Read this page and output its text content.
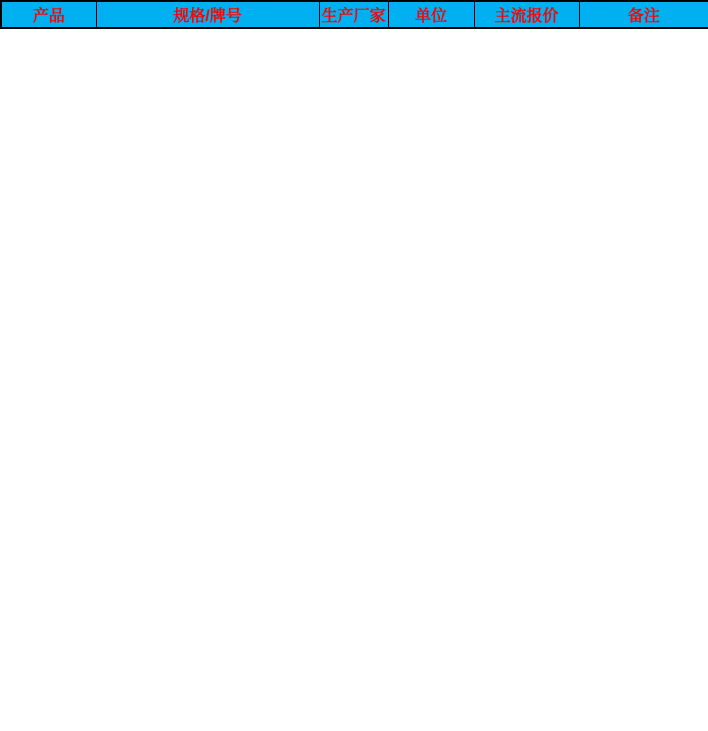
产品	规格/牌号	生产厂家	单位	主流报价	备注
